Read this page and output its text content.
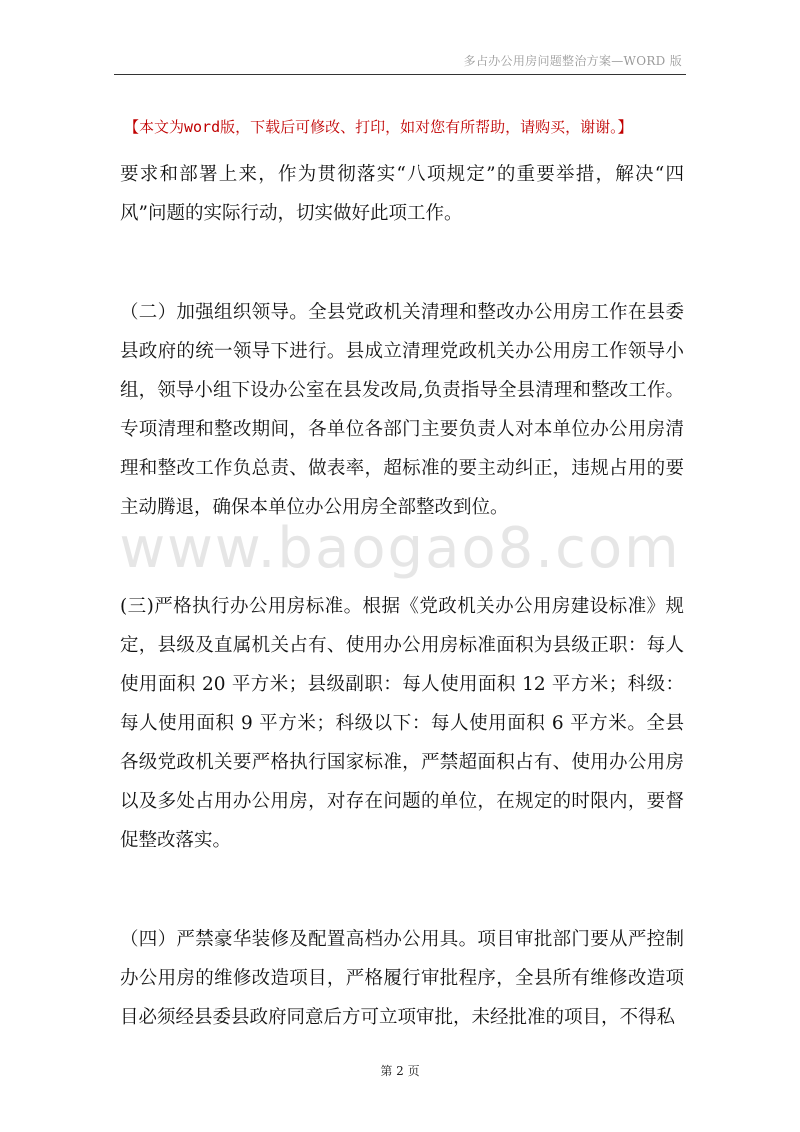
多占办公用房问题整治方案—WORD 版
【本文为word版，下载后可修改、打印，如对您有所帮助，请购买，谢谢。】
www.baogao8.com

要求和部署上来，作为贯彻落实“八项规定”的重要举措，解决“四风”问题的实际行动，切实做好此项工作。

（二）加强组织领导。全县党政机关清理和整改办公用房工作在县委县政府的统一领导下进行。县成立清理党政机关办公用房工作领导小组，领导小组下设办公室在县发改局,负责指导全县清理和整改工作。专项清理和整改期间，各单位各部门主要负责人对本单位办公用房清理和整改工作负总责、做表率，超标准的要主动纠正，违规占用的要主动腾退，确保本单位办公用房全部整改到位。

(三)严格执行办公用房标准。根据《党政机关办公用房建设标准》规定，县级及直属机关占有、使用办公用房标准面积为县级正职：每人使用面积 20 平方米；县级副职：每人使用面积 12 平方米；科级：每人使用面积 9 平方米；科级以下：每人使用面积 6 平方米。全县各级党政机关要严格执行国家标准，严禁超面积占有、使用办公用房以及多处占用办公用房，对存在问题的单位，在规定的时限内，要督促整改落实。

（四）严禁豪华装修及配置高档办公用具。项目审批部门要从严控制办公用房的维修改造项目，严格履行审批程序，全县所有维修改造项目必须经县委县政府同意后方可立项审批，未经批准的项目，不得私

第 2 页
